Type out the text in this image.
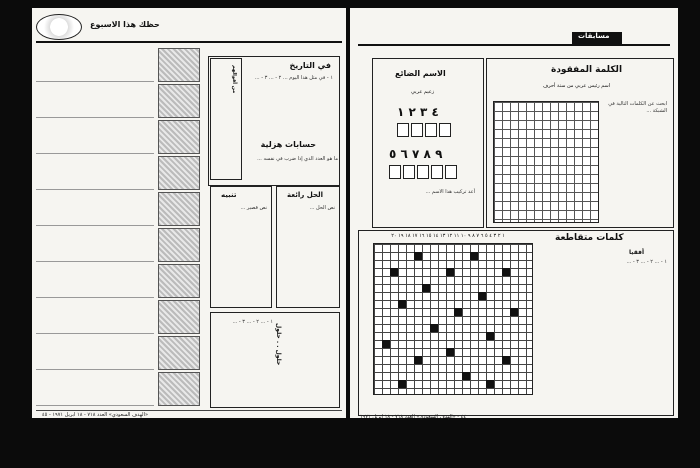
حظك هذا الاسبوع
في التاريخ
١ - في مثل هذا اليوم ... ٢ - ... ٣ - ...
من أقوالهم
حسابات هزلية
ما هو العدد الذي إذا ضرب في نفسه ...
تنبيه
نص قصير ...
الحل رائعة
نص الحل ...
حلول . . حلول
١ - ... ٢ - ... ٣ - ...
«الهدف السعودي» العدد ٧١٨ - ١٨ ابريل ١٩٧١ - ٤٥
مسابقات
الاسم الضائع
زعيم عربي
٤ ٣ ٢ ١
٩ ٨ ٧ ٦ ٥
أعد تركيب هذا الاسم ...
الكلمة المفقودة
اسم رئيس عربي من ستة أحرف
ابحث عن الكلمات التالية في الشبكة ...
١ ٢ ٣ ٤ ٥ ٦ ٧ ٨ ٩ ١٠ ١١ ١٢ ١٣ ١٤ ١٥ ١٦ ١٧ ١٨ ١٩ ٢٠	كلمات متقاطعة
أفقيا
١ - ... ٢ - ... ٣ - ...
٤٤ - «الهدف السعودي» العدد ٧١٨ - ١٨ ابريل ١٩٧١
